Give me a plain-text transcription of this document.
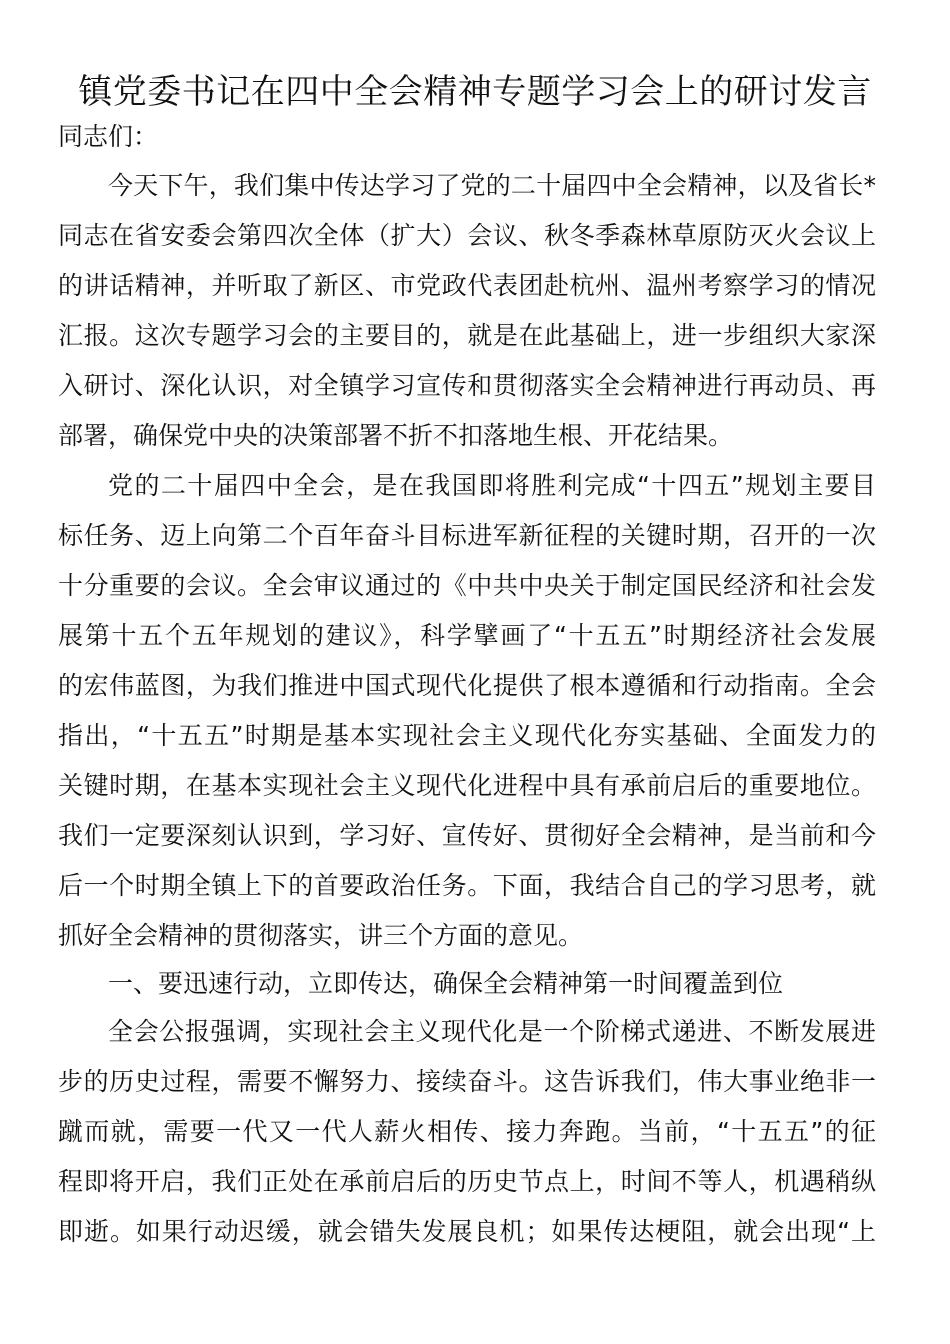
镇党委书记在四中全会精神专题学习会上的研讨发言
同志们：
今天下午，我们集中传达学习了党的二十届四中全会精神，以及省长*
同志在省安委会第四次全体（扩大）会议、秋冬季森林草原防灭火会议上
的讲话精神，并听取了新区、市党政代表团赴杭州、温州考察学习的情况
汇报。这次专题学习会的主要目的，就是在此基础上，进一步组织大家深
入研讨、深化认识，对全镇学习宣传和贯彻落实全会精神进行再动员、再
部署，确保党中央的决策部署不折不扣落地生根、开花结果。
党的二十届四中全会，是在我国即将胜利完成“十四五”规划主要目
标任务、迈上向第二个百年奋斗目标进军新征程的关键时期，召开的一次
十分重要的会议。全会审议通过的《中共中央关于制定国民经济和社会发
展第十五个五年规划的建议》，科学擘画了“十五五”时期经济社会发展
的宏伟蓝图，为我们推进中国式现代化提供了根本遵循和行动指南。全会
指出，“十五五”时期是基本实现社会主义现代化夯实基础、全面发力的
关键时期，在基本实现社会主义现代化进程中具有承前启后的重要地位。
我们一定要深刻认识到，学习好、宣传好、贯彻好全会精神，是当前和今
后一个时期全镇上下的首要政治任务。下面，我结合自己的学习思考，就
抓好全会精神的贯彻落实，讲三个方面的意见。
一、要迅速行动，立即传达，确保全会精神第一时间覆盖到位
全会公报强调，实现社会主义现代化是一个阶梯式递进、不断发展进
步的历史过程，需要不懈努力、接续奋斗。这告诉我们，伟大事业绝非一
蹴而就，需要一代又一代人薪火相传、接力奔跑。当前，“十五五”的征
程即将开启，我们正处在承前启后的历史节点上，时间不等人，机遇稍纵
即逝。如果行动迟缓，就会错失发展良机；如果传达梗阻，就会出现“上
